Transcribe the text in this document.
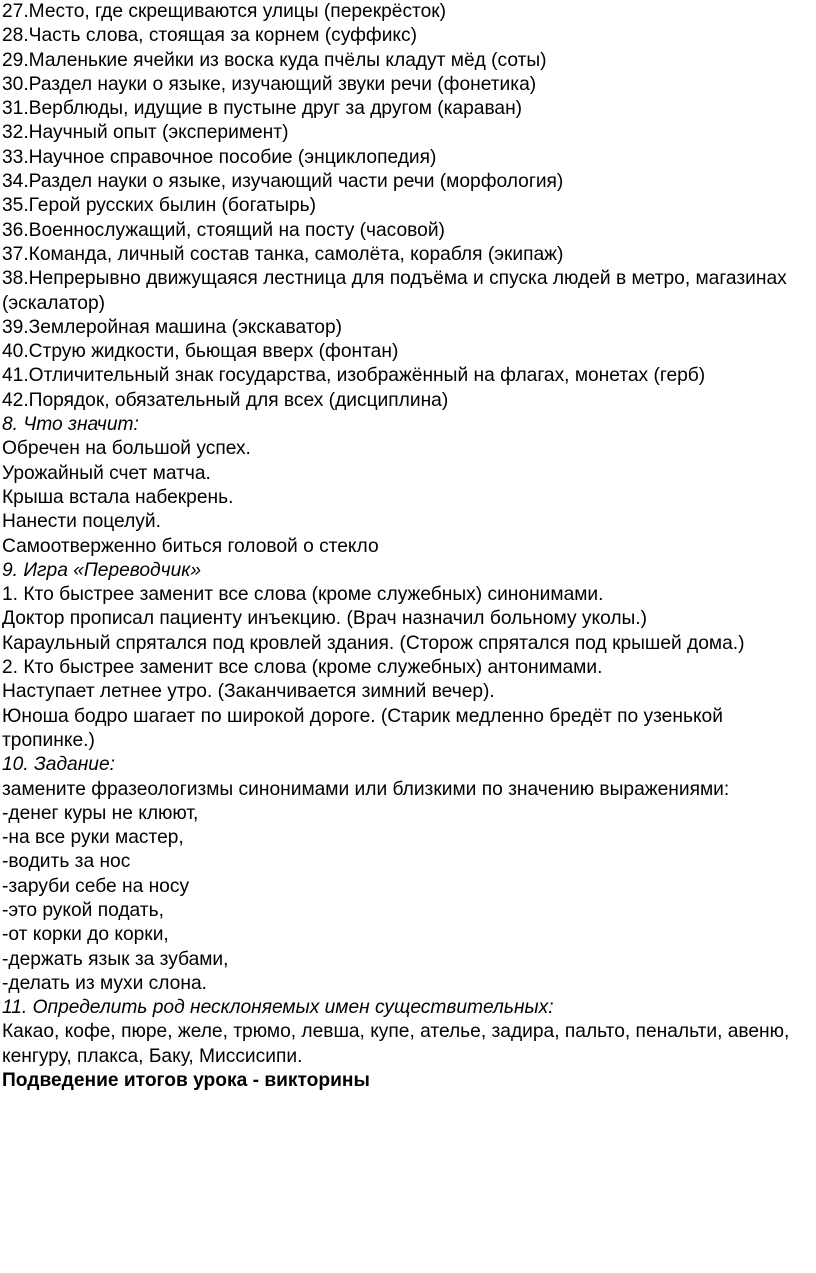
27.Место, где скрещиваются улицы (перекрёсток)
28.Часть слова, стоящая за корнем (суффикс)
29.Маленькие ячейки из воска куда пчёлы кладут мёд (соты)
30.Раздел науки о языке, изучающий звуки речи (фонетика)
31.Верблюды, идущие в пустыне друг за другом (караван)
32.Научный опыт (эксперимент)
33.Научное справочное пособие (энциклопедия)
34.Раздел науки о языке, изучающий части речи (морфология)
35.Герой русских былин (богатырь)
36.Военнослужащий, стоящий на посту (часовой)
37.Команда, личный состав танка, самолёта, корабля (экипаж)
38.Непрерывно движущаяся лестница для подъёма и спуска людей в метро, магазинах (эскалатор)
39.Землеройная машина (экскаватор)
40.Струю жидкости, бьющая вверх (фонтан)
41.Отличительный знак государства, изображённый на флагах, монетах (герб)
42.Порядок, обязательный для всех (дисциплина)
8. Что значит:
Обречен на большой успех.
Урожайный счет матча.
Крыша встала набекрень.
Нанести поцелуй.
Самоотверженно биться головой о стекло
9. Игра «Переводчик»
1. Кто быстрее заменит все слова (кроме служебных) синонимами.
Доктор прописал пациенту инъекцию. (Врач назначил больному уколы.)
Караульный спрятался под кровлей здания. (Сторож спрятался под крышей дома.)
2. Кто быстрее заменит все слова (кроме служебных) антонимами.
Наступает летнее утро. (Заканчивается зимний вечер).
Юноша бодро шагает по широкой дороге. (Старик медленно бредёт по узенькой тропинке.)
10. Задание:
замените фразеологизмы синонимами или близкими по значению выражениями:
-денег куры не клюют,
-на все руки мастер,
-водить за нос
-заруби себе на носу
-это рукой подать,
-от корки до корки,
-держать язык за зубами,
-делать из мухи слона.
11. Определить род несклоняемых имен существительных:
Какао, кофе, пюре, желе, трюмо, левша, купе, ателье, задира, пальто, пенальти, авеню, кенгуру, плакса, Баку, Миссисипи.
Подведение итогов урока - викторины
